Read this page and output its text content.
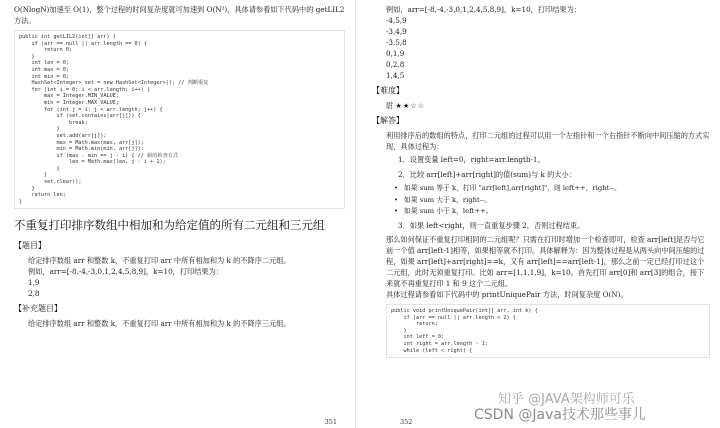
O(NlogN)加速至 O(1)，整个过程的时间复杂度就可加速到 O(N²)，具体请参看如下代码中的 getLIL2 方法。

public int getLIL2(int[] arr) {
if (arr == null || arr.length == 0) {
return 0;
}
int len = 0;
int max = 0;
int min = 0;
HashSet<Integer> set = new HashSet<Integer>(); // 判断重复
for (int i = 0; i < arr.length; i++) {
max = Integer.MIN_VALUE;
min = Integer.MAX_VALUE;
for (int j = i; j < arr.length; j++) {
if (set.contains(arr[j])) {
break;
}
set.add(arr[j]);
max = Math.max(max, arr[j]);
min = Math.min(min, arr[j]);
if (max - min == j - i) { // 新的检查方式
len = Math.max(len, j - i + 1);
}
}
set.clear();
}
return len;
}
不重复打印排序数组中相加和为给定值的所有二元组和三元组
【题目】

给定排序数组 arr 和整数 k，不重复打印 arr 中所有相加和为 k 的不降序二元组。

例如，arr=[-8,-4,-3,0,1,2,4,5,8,9]，k=10，打印结果为：

1,9

2,8

【补充题目】

给定排序数组 arr 和整数 k，不重复打印 arr 中所有相加和为 k 的不降序三元组。

351

例如，arr=[-8,-4,-3,0,1,2,4,5,8,9]，k=10，打印结果为：

-4,5,9

-3,4,9

-3,5,8

0,1,9

0,2,8

1,4,5

【难度】

尉 ★★☆☆

【解答】

利用排序后的数组的特点，打印二元组的过程可以用一个左指针和一个右指针不断向中间压缩的方式实现，具体过程为：

1．设置变量 left=0，right=arr.length-1。

2．比较 arr[left]+arr[right]的值(sum)与 k 的大小：

• 如果 sum 等于 k，打印 "arr[left],arr[right]"，则 left++，right--。

• 如果 sum 大于 k，right--。

• 如果 sum 小于 k，left++。

3．如果 left<right，则一直重复步骤 2，否则过程结束。

那么如何保证不重复打印相同的二元组呢？只需在打印时增加一个检查即可，检查 arr[left]是否与它前一个值 arr[left-1]相等，如果相等就不打印。具体解释为：因为整体过程是从两头向中间压缩的过程，如果 arr[left]+arr[right]==k，又有 arr[left]==arr[left-1]，那么之前一定已经打印过这个二元组，此时无须重复打印。比如 arr=[1,1,1,9]，k=10。首先打印 arr[0]和 arr[3]的组合，接下来就不再重复打印 1 和 9 这个二元组。

具体过程请参看如下代码中的 printUniquePair 方法，时间复杂度 O(N)。

public void printUniquePair(int[] arr, int k) {
if (arr == null || arr.length < 2) {
return;
}
int left = 0;
int right = arr.length - 1;
while (left < right) {
352
知乎 @JAVA架构师可乐
CSDN @Java技术那些事儿
